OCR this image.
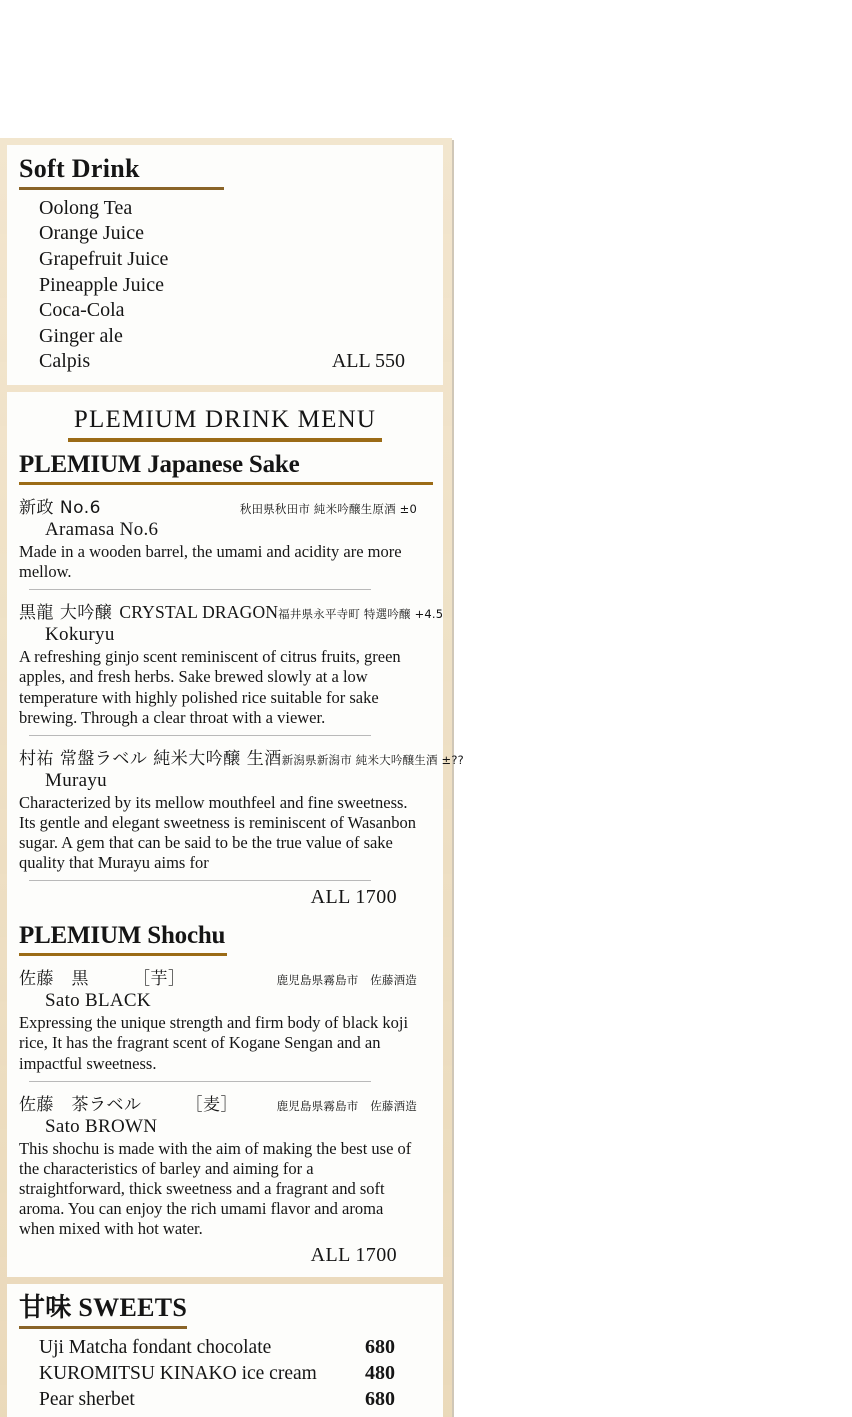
Soft Drink
Oolong Tea
Orange Juice
Grapefruit Juice
Pineapple Juice
Coca-Cola
Ginger ale
Calpis	ALL 550
PLEMIUM DRINK MENU
PLEMIUM Japanese Sake
新政 No.6	秋田県秋田市 純米吟醸生原酒 ±0
Aramasa No.6
Made in a wooden barrel, the umami and acidity are more mellow.
黒龍 大吟醸 CRYSTAL DRAGON 福井県永平寺町 特選吟醸 +4.5
Kokuryu
A refreshing ginjo scent reminiscent of citrus fruits, green apples, and fresh herbs. Sake brewed slowly at a low temperature with highly polished rice suitable for sake brewing. Through a clear throat with a viewer.
村祐 常盤ラベル 純米大吟醸 生酒 新潟県新潟市 純米大吟醸生酒 ±??
Murayu
Characterized by its mellow mouthfeel and fine sweetness. Its gentle and elegant sweetness is reminiscent of Wasanbon sugar. A gem that can be said to be the true value of sake quality that Murayu aims for
ALL 1700
PLEMIUM Shochu
佐藤　黒　　　［芋］	鹿児島県霧島市　佐藤酒造
Sato BLACK
Expressing the unique strength and firm body of black koji rice, It has the fragrant scent of Kogane Sengan and an impactful sweetness.
佐藤　茶ラベル　　　［麦］	鹿児島県霧島市　佐藤酒造
Sato BROWN
This shochu is made with the aim of making the best use of the characteristics of barley and aiming for a straightforward, thick sweetness and a fragrant and soft aroma. You can enjoy the rich umami flavor and aroma when mixed with hot water.
ALL 1700
甘味 SWEETS
Uji Matcha fondant chocolate	680
KUROMITSU KINAKO ice cream 480
Pear sherbet	680
